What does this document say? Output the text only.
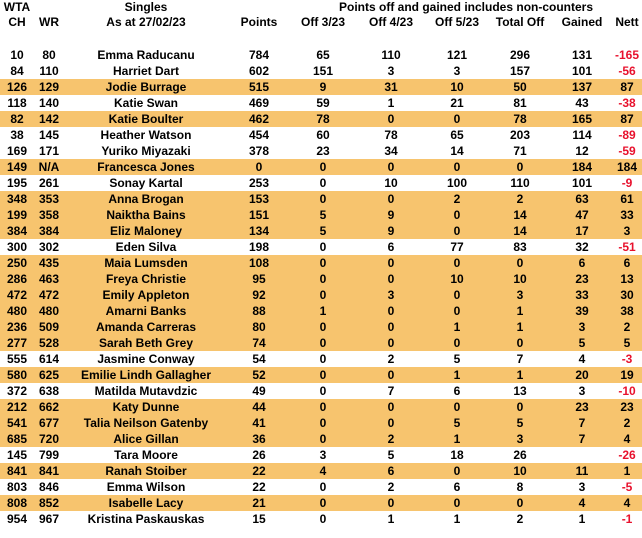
WTA		Singles		Points off and gained includes non-counters					
CH	WR	As at 27/02/23	Points	Off 3/23	Off 4/23	Off 5/23	Total Off	Gained	Nett

10	80	Emma Raducanu	784	65	110	121	296	131	-165
84	110	Harriet Dart	602	151	3	3	157	101	-56
126	129	Jodie Burrage	515	9	31	10	50	137	87
118	140	Katie Swan	469	59	1	21	81	43	-38
82	142	Katie Boulter	462	78	0	0	78	165	87
38	145	Heather Watson	454	60	78	65	203	114	-89
169	171	Yuriko Miyazaki	378	23	34	14	71	12	-59
149	N/A	Francesca Jones	0	0	0	0	0	184	184
195	261	Sonay Kartal	253	0	10	100	110	101	-9
348	353	Anna Brogan	153	0	0	2	2	63	61
199	358	Naiktha Bains	151	5	9	0	14	47	33
384	384	Eliz Maloney	134	5	9	0	14	17	3
300	302	Eden Silva	198	0	6	77	83	32	-51
250	435	Maia Lumsden	108	0	0	0	0	6	6
286	463	Freya Christie	95	0	0	10	10	23	13
472	472	Emily Appleton	92	0	3	0	3	33	30
480	480	Amarni Banks	88	1	0	0	1	39	38
236	509	Amanda Carreras	80	0	0	1	1	3	2
277	528	Sarah Beth Grey	74	0	0	0	0	5	5
555	614	Jasmine Conway	54	0	2	5	7	4	-3
580	625	Emilie Lindh Gallagher	52	0	0	1	1	20	19
372	638	Matilda Mutavdzic	49	0	7	6	13	3	-10
212	662	Katy Dunne	44	0	0	0	0	23	23
541	677	Talia Neilson Gatenby	41	0	0	5	5	7	2
685	720	Alice Gillan	36	0	2	1	3	7	4
145	799	Tara Moore	26	3	5	18	26		-26
841	841	Ranah Stoiber	22	4	6	0	10	11	1
803	846	Emma Wilson	22	0	2	6	8	3	-5
808	852	Isabelle Lacy	21	0	0	0	0	4	4
954	967	Kristina Paskauskas	15	0	1	1	2	1	-1
